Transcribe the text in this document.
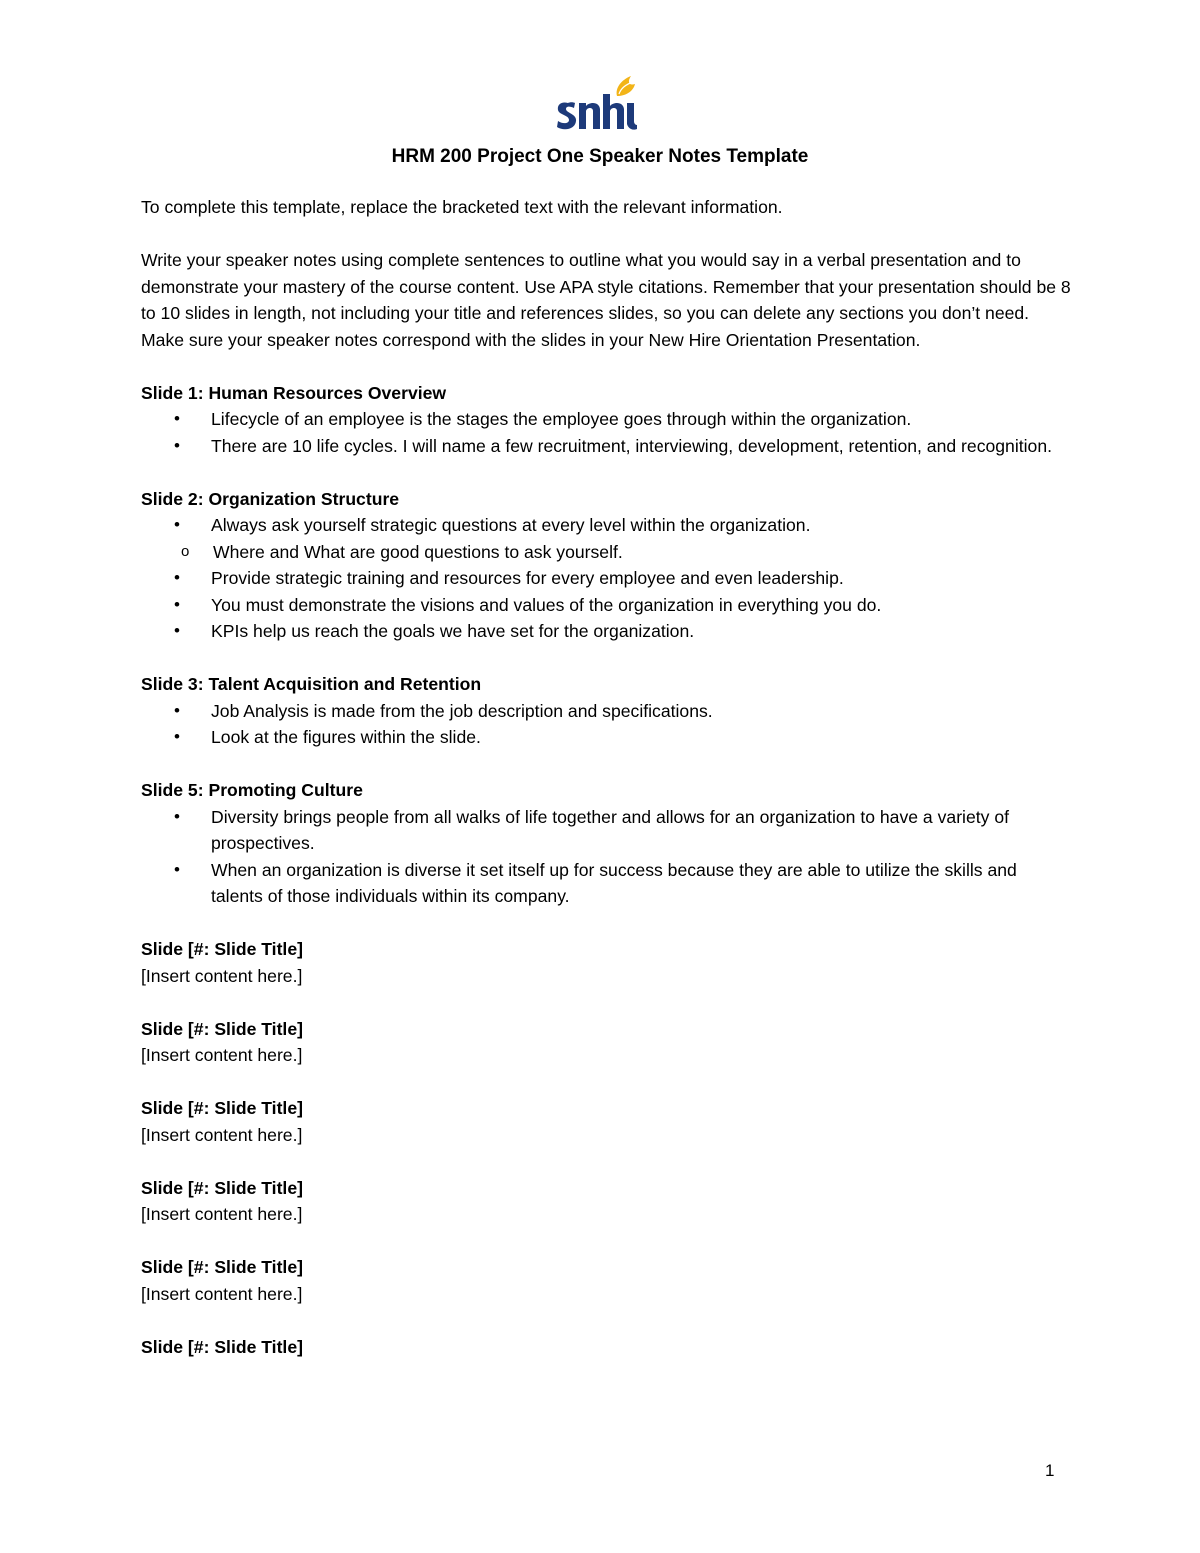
HRM 200 Project One Speaker Notes Template

To complete this template, replace the bracketed text with the relevant information.

Write your speaker notes using complete sentences to outline what you would say in a verbal presentation and to demonstrate your mastery of the course content. Use APA style citations. Remember that your presentation should be 8 to 10 slides in length, not including your title and references slides, so you can delete any sections you don’t need. Make sure your speaker notes correspond with the slides in your New Hire Orientation Presentation.

Slide 1: Human Resources Overview

• Lifecycle of an employee is the stages the employee goes through within the organization.
• There are 10 life cycles. I will name a few recruitment, interviewing, development, retention, and recognition.

Slide 2: Organization Structure

• Always ask yourself strategic questions at every level within the organization.
o Where and What are good questions to ask yourself.
• Provide strategic training and resources for every employee and even leadership.
• You must demonstrate the visions and values of the organization in everything you do.
• KPIs help us reach the goals we have set for the organization.

Slide 3: Talent Acquisition and Retention

• Job Analysis is made from the job description and specifications.
• Look at the figures within the slide.

Slide 5: Promoting Culture

• Diversity brings people from all walks of life together and allows for an organization to have a variety of prospectives.
• When an organization is diverse it set itself up for success because they are able to utilize the skills and talents of those individuals within its company.

Slide [#: Slide Title]

[Insert content here.]

Slide [#: Slide Title]

[Insert content here.]

Slide [#: Slide Title]

[Insert content here.]

Slide [#: Slide Title]

[Insert content here.]

Slide [#: Slide Title]

[Insert content here.]

Slide [#: Slide Title]

1
